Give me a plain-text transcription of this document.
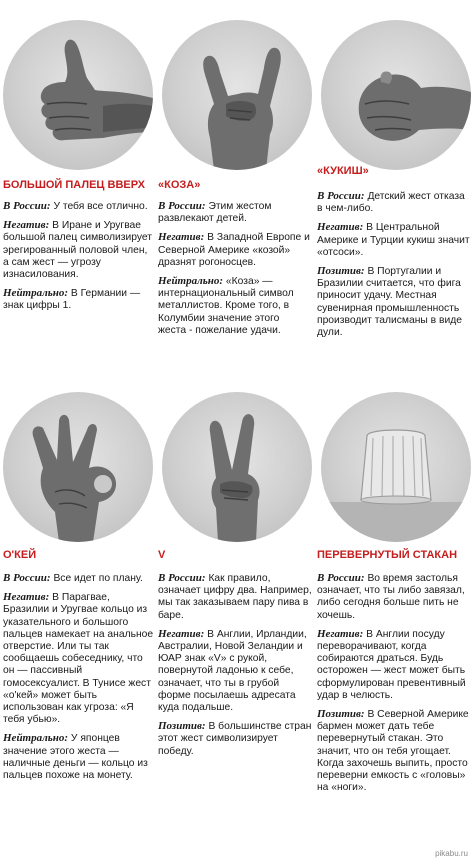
БОЛЬШОЙ ПАЛЕЦ ВВЕРХ «КОЗА»
«КУКИШ»

В России: У тебя все отлично.

Негатив: В Иране и Уругвае большой палец символизирует эрегированный половой член, а сам жест — угрозу изнасилования.

Нейтрально: В Германии — знак цифры 1.

В России: Этим жестом развлекают детей.

Негатив: В Западной Европе и Северной Америке «козой» дразнят рогоносцев.

Нейтрально: «Коза» — интернациональный символ металлистов. Кроме того, в Колумбии значение этого жеста - пожелание удачи.

В России: Детский жест отказа в чем-либо.

Негатив: В Центральной Америке и Турции кукиш значит «отсоси».

Позитив: В Португалии и Бразилии считается, что фига приносит удачу. Местная сувенирная промышленность производит талисманы в виде дули.

О'КЕЙ	V	ПЕРЕВЕРНУТЫЙ СТАКАН

В России: Все идет по плану.

Негатив: В Парагвае, Бразилии и Уругвае кольцо из указательного и большого пальцев намекает на анальное отверстие. Или ты так сообщаешь собеседнику, что он — пассивный гомосексуалист. В Тунисе жест «о'кей» может быть использован как угроза: «Я тебя убью».

Нейтрально: У японцев значение этого жеста — наличные деньги — кольцо из пальцев похоже на монету.

В России: Как правило, означает цифру два. Например, мы так заказываем пару пива в баре.

Негатив: В Англии, Ирландии, Австралии, Новой Зеландии и ЮАР знак «V» с рукой, повернутой ладонью к себе, означает, что ты в грубой форме посылаешь адресата куда подальше.

Позитив: В большинстве стран этот жест символизирует победу.

В России: Во время застолья означает, что ты либо завязал, либо сегодня больше пить не хочешь.

Негатив: В Англии посуду переворачивают, когда собираются драться. Будь осторожен — жест может быть сформулирован превентивный удар в челюсть.

Позитив: В Северной Америке бармен может дать тебе перевернутый стакан. Это значит, что он тебя угощает. Когда захочешь выпить, просто переверни емкость с «головы» на «ноги».

pikabu.ru
